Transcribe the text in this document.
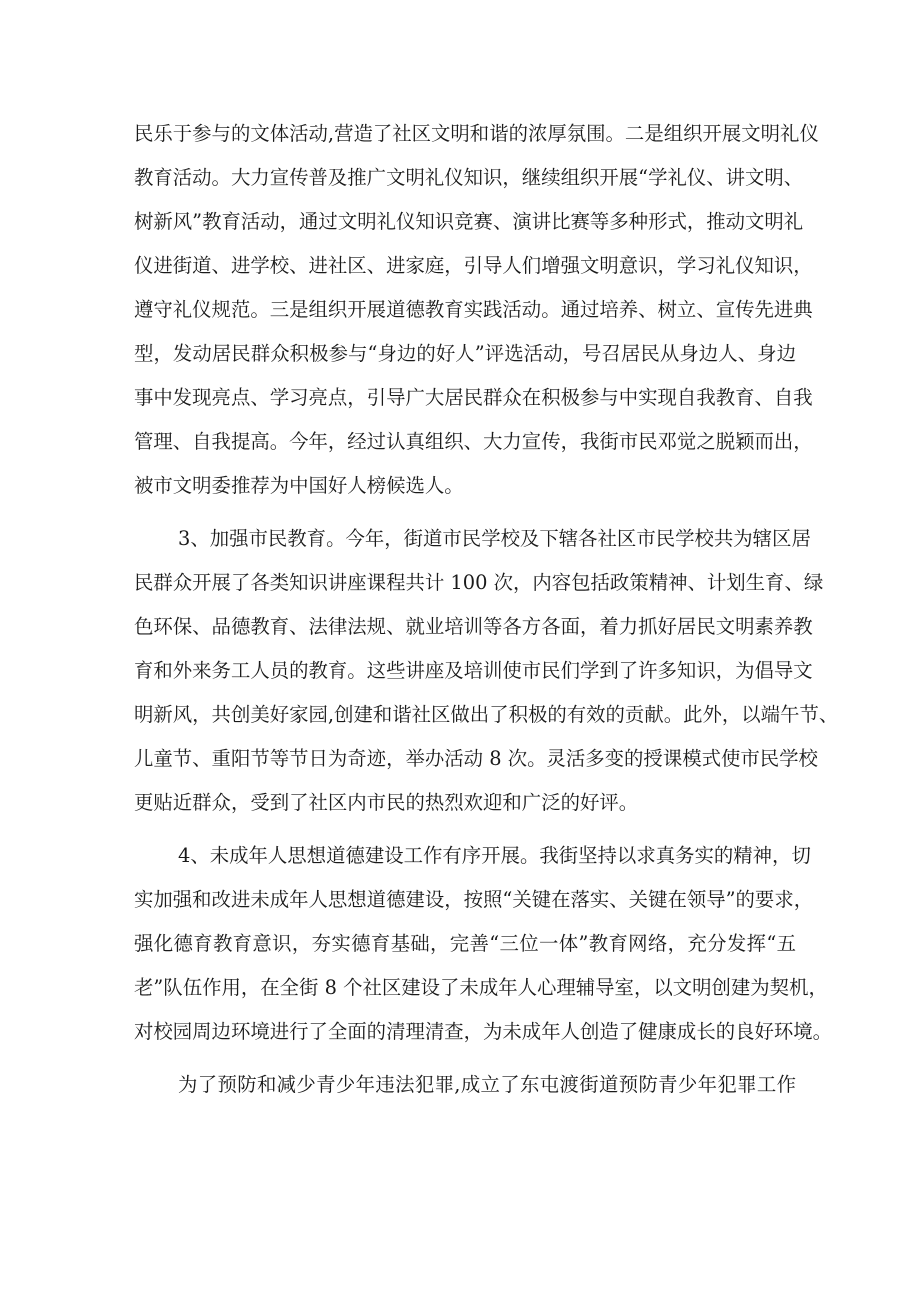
民乐于参与的文体活动,营造了社区文明和谐的浓厚氛围。二是组织开展文明礼仪

教育活动。大力宣传普及推广文明礼仪知识，继续组织开展“学礼仪、讲文明、

树新风”教育活动，通过文明礼仪知识竞赛、演讲比赛等多种形式，推动文明礼

仪进街道、进学校、进社区、进家庭，引导人们增强文明意识，学习礼仪知识，

遵守礼仪规范。三是组织开展道德教育实践活动。通过培养、树立、宣传先进典

型，发动居民群众积极参与“身边的好人”评选活动，号召居民从身边人、身边

事中发现亮点、学习亮点，引导广大居民群众在积极参与中实现自我教育、自我

管理、自我提高。今年，经过认真组织、大力宣传，我街市民邓觉之脱颖而出，

被市文明委推荐为中国好人榜候选人。

3、加强市民教育。今年，街道市民学校及下辖各社区市民学校共为辖区居

民群众开展了各类知识讲座课程共计 100 次，内容包括政策精神、计划生育、绿

色环保、品德教育、法律法规、就业培训等各方各面，着力抓好居民文明素养教

育和外来务工人员的教育。这些讲座及培训使市民们学到了许多知识，为倡导文

明新风，共创美好家园,创建和谐社区做出了积极的有效的贡献。此外，以端午节、

儿童节、重阳节等节日为奇迹，举办活动 8 次。灵活多变的授课模式使市民学校

更贴近群众，受到了社区内市民的热烈欢迎和广泛的好评。

4、未成年人思想道德建设工作有序开展。我街坚持以求真务实的精神，切

实加强和改进未成年人思想道德建设，按照“关键在落实、关键在领导”的要求，

强化德育教育意识，夯实德育基础，完善“三位一体”教育网络，充分发挥“五

老”队伍作用，在全街 8 个社区建设了未成年人心理辅导室，以文明创建为契机，

对校园周边环境进行了全面的清理清查，为未成年人创造了健康成长的良好环境。

为了预防和减少青少年违法犯罪,成立了东屯渡街道预防青少年犯罪工作
